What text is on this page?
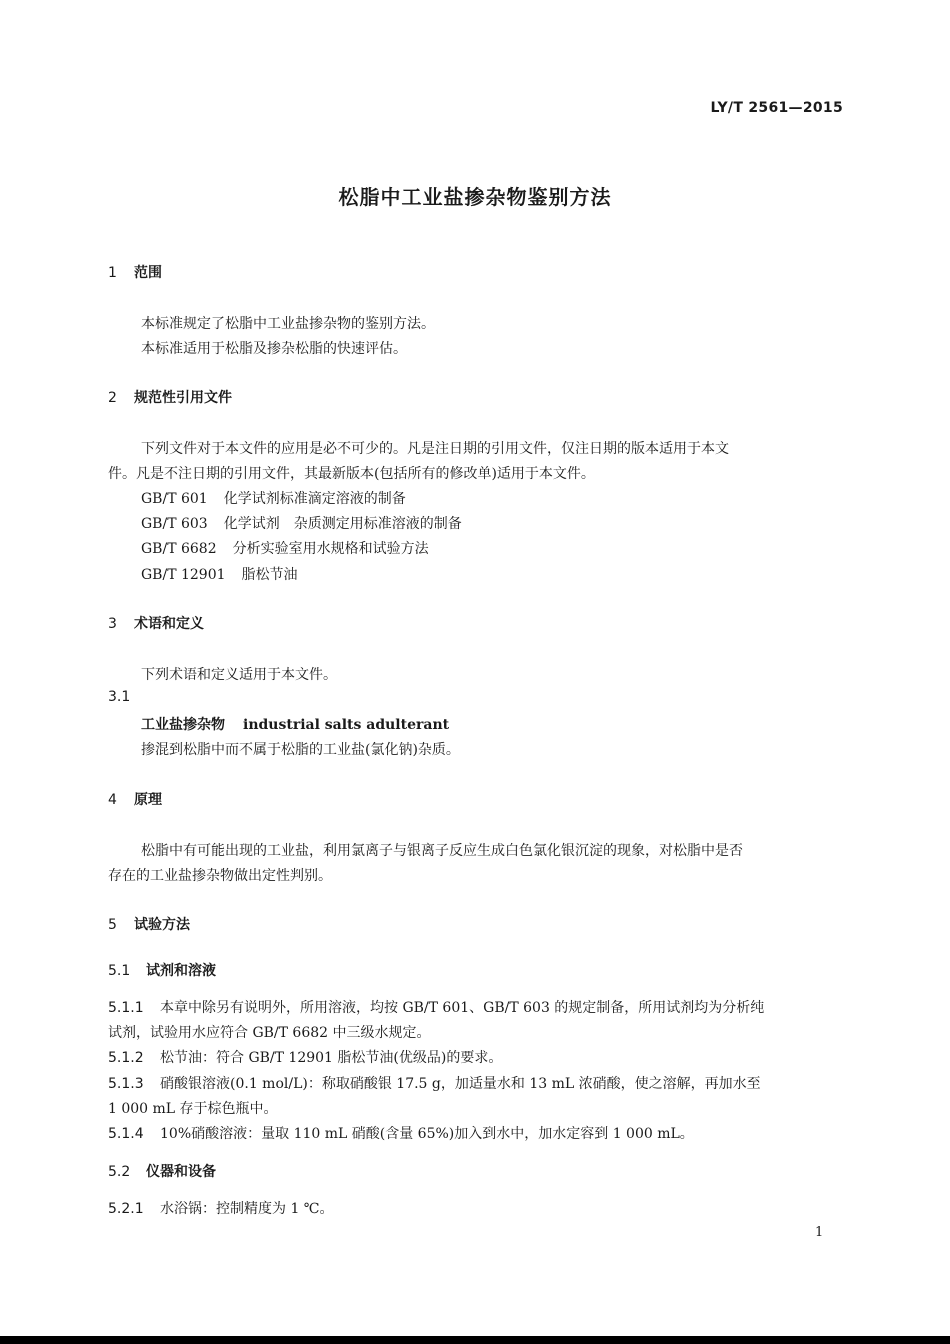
LY/T 2561—2015
松脂中工业盐掺杂物鉴别方法
1 范围
本标准规定了松脂中工业盐掺杂物的鉴别方法。
本标准适用于松脂及掺杂松脂的快速评估。
2 规范性引用文件
下列文件对于本文件的应用是必不可少的。凡是注日期的引用文件，仅注日期的版本适用于本文
件。凡是不注日期的引用文件，其最新版本(包括所有的修改单)适用于本文件。
GB/T 601 化学试剂标准滴定溶液的制备
GB/T 603 化学试剂　杂质测定用标准溶液的制备
GB/T 6682 分析实验室用水规格和试验方法
GB/T 12901 脂松节油
3 术语和定义
下列术语和定义适用于本文件。
3.1
工业盐掺杂物 industrial salts adulterant
掺混到松脂中而不属于松脂的工业盐(氯化钠)杂质。
4 原理
松脂中有可能出现的工业盐，利用氯离子与银离子反应生成白色氯化银沉淀的现象，对松脂中是否
存在的工业盐掺杂物做出定性判别。
5 试验方法
5.1 试剂和溶液
5.1.1 本章中除另有说明外，所用溶液，均按 GB/T 601、GB/T 603 的规定制备，所用试剂均为分析纯
试剂，试验用水应符合 GB/T 6682 中三级水规定。
5.1.2 松节油：符合 GB/T 12901 脂松节油(优级品)的要求。
5.1.3 硝酸银溶液(0.1 mol/L)：称取硝酸银 17.5 g，加适量水和 13 mL 浓硝酸，使之溶解，再加水至
1 000 mL 存于棕色瓶中。
5.1.4 10%硝酸溶液：量取 110 mL 硝酸(含量 65%)加入到水中，加水定容到 1 000 mL。
5.2 仪器和设备
5.2.1 水浴锅：控制精度为 1 ℃。
1
